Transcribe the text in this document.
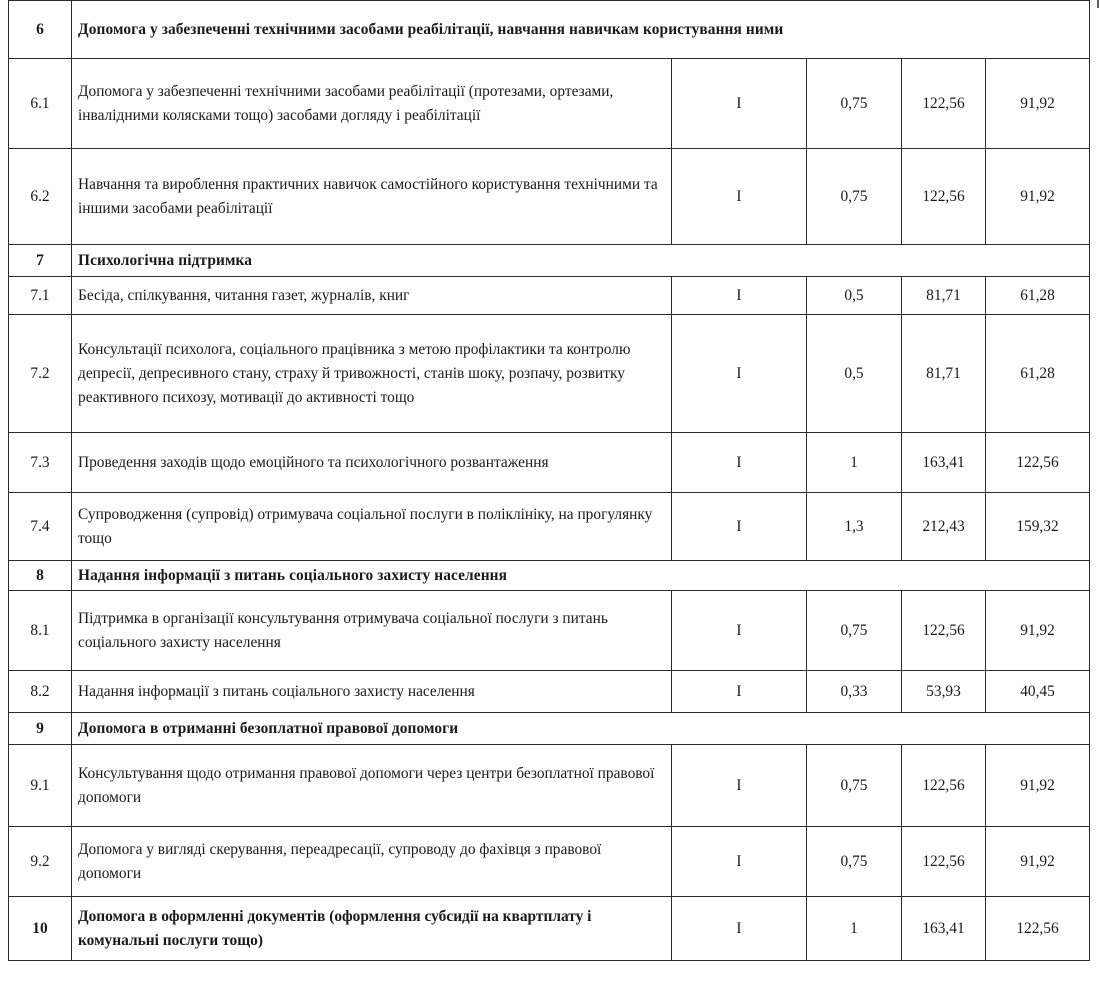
6	Допомога у забезпеченні технічними засобами реабілітації, навчання навичкам користування ними				
6.1	Допомога у забезпеченні технічними засобами реабілітації (протезами, ортезами, інвалідними колясками тощо) засобами догляду і реабілітації	I	0,75	122,56	91,92
6.2	Навчання та вироблення практичних навичок самостійного користування технічними та іншими засобами реабілітації	I	0,75	122,56	91,92
7	Психологічна підтримка				
7.1	Бесіда, спілкування, читання газет, журналів, книг	I	0,5	81,71	61,28
7.2	Консультації психолога, соціального працівника з метою профілактики та контролю депресії, депресивного стану, страху й тривожності, станів шоку, розпачу, розвитку реактивного психозу, мотивації до активності тощо	I	0,5	81,71	61,28
7.3	Проведення заходів щодо емоційного та психологічного розвантаження	I	1	163,41	122,56
7.4	Супроводження (супровід) отримувача соціальної послуги в поліклініку, на прогулянку тощо	I	1,3	212,43	159,32
8	Надання інформації з питань соціального захисту населення				
8.1	Підтримка в організації консультування отримувача соціальної послуги з питань соціального захисту населення	I	0,75	122,56	91,92
8.2	Надання інформації з питань соціального захисту населення	I	0,33	53,93	40,45
9	Допомога в отриманні безоплатної правової допомоги				
9.1	Консультування щодо отримання правової допомоги через центри безоплатної правової допомоги	I	0,75	122,56	91,92
9.2	Допомога у вигляді скерування, переадресації, супроводу до фахівця з правової допомоги	I	0,75	122,56	91,92
10	Допомога в оформленні документів (оформлення субсидії на квартплату і комунальні послуги тощо)	I	1	163,41	122,56
